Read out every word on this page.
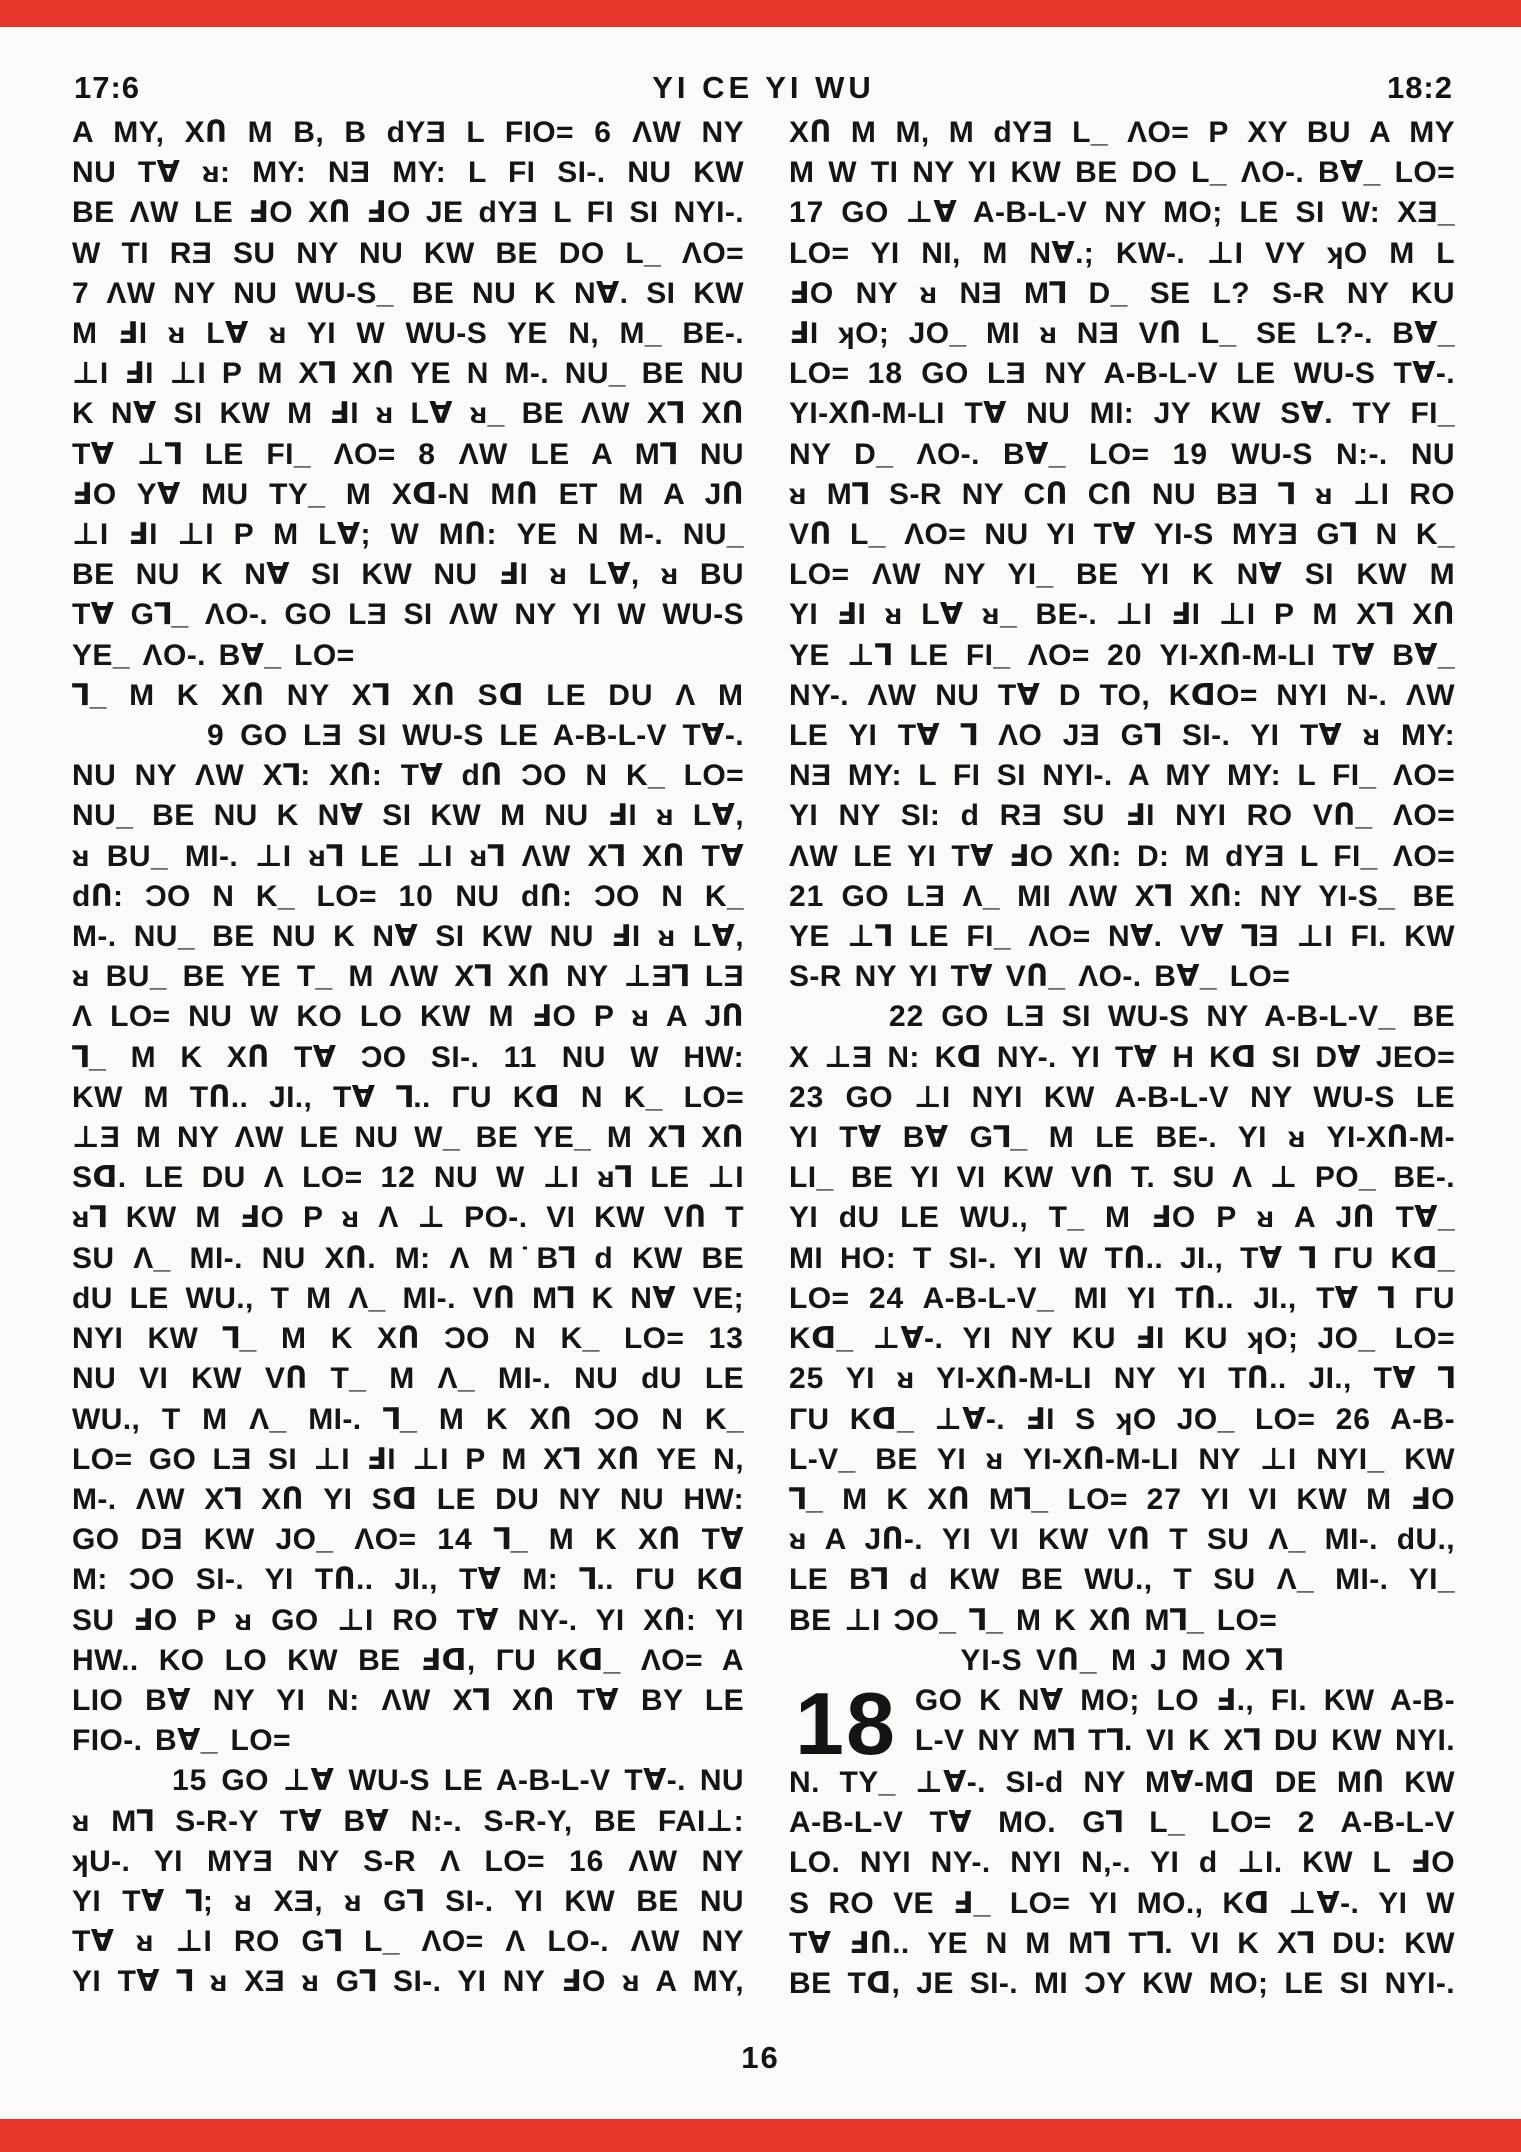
17:6	YI CE YI WU	18:2
A MY, XՈ M B, B dYƎ L FIO= 6 ΛW NY
NU T∀ ᴚ: MY: NƎ MY: L FI SI-. NU KW
BE ΛW LE ℲO XՈ ℲO JE dYƎ L FI SI NYI-.
W TI RƎ SU NY NU KW BE DO L_ ΛO=
7 ΛW NY NU WU-S_ BE NU K N∀. SI KW
M ℲI ᴚ L∀ ᴚ YI W WU-S YE N, M_ BE-.
⊥I ℲI ⊥I P M X⅂ XՈ YE N M-. NU_ BE NU
K N∀ SI KW M ℲI ᴚ L∀ ᴚ_ BE ΛW X⅂ XՈ
T∀ ⊥⅂ LE FI_ ΛO= 8 ΛW LE A M⅂ NU
ℲO Y∀ MU TY_ M Xᗡ-N MՈ ET M A JՈ
⊥I ℲI ⊥I P M L∀; W MՈ: YE N M-. NU_
BE NU K N∀ SI KW NU ℲI ᴚ L∀, ᴚ BU
T∀ G⅂_ ΛO-. GO LƎ SI ΛW NY YI W WU-S
YE_ ΛO-. B∀_ LO=
⅂_ M K XՈ NY X⅂ XՈ Sᗡ LE DU Λ M
9 GO LƎ SI WU-S LE A-B-L-V T∀-.
NU NY ΛW X⅂: XՈ: T∀ dՈ ƆO N K_ LO=
NU_ BE NU K N∀ SI KW M NU ℲI ᴚ L∀,
ᴚ BU_ MI-. ⊥I ᴚ⅂ LE ⊥I ᴚ⅂ ΛW X⅂ XՈ T∀
dՈ: ƆO N K_ LO= 10 NU dՈ: ƆO N K_
M-. NU_ BE NU K N∀ SI KW NU ℲI ᴚ L∀,
ᴚ BU_ BE YE T_ M ΛW X⅂ XՈ NY ⊥Ǝ⅂ LƎ
Λ LO= NU W KO LO KW M ℲO P ᴚ A JՈ
⅂_ M K XՈ T∀ ƆO SI-. 11 NU W HW:
KW M TՈ.. JI., T∀ ⅂.. ΓU Kᗡ N K_ LO=
⊥Ǝ M NY ΛW LE NU W_ BE YE_ M X⅂ XՈ
Sᗡ. LE DU Λ LO= 12 NU W ⊥I ᴚ⅂ LE ⊥I
ᴚ⅂ KW M ℲO P ᴚ Λ ⊥ PO-. VI KW VՈ T
SU Λ_ MI-. NU XՈ. M: Λ M˙B⅂ d KW BE
dU LE WU., T M Λ_ MI-. VՈ M⅂ K N∀ VE;
NYI KW ⅂_ M K XՈ ƆO N K_ LO= 13
NU VI KW VՈ T_ M Λ_ MI-. NU dU LE
WU., T M Λ_ MI-. ⅂_ M K XՈ ƆO N K_
LO= GO LƎ SI ⊥I ℲI ⊥I P M X⅂ XՈ YE N,
M-. ΛW X⅂ XՈ YI Sᗡ LE DU NY NU HW:
GO DƎ KW JO_ ΛO= 14 ⅂_ M K XՈ T∀
M: ƆO SI-. YI TՈ.. JI., T∀ M: ⅂.. ΓU Kᗡ
SU ℲO P ᴚ GO ⊥I RO T∀ NY-. YI XՈ: YI
HW.. KO LO KW BE Ⅎᗡ, ΓU Kᗡ_ ΛO= A
LIO B∀ NY YI N: ΛW X⅂ XՈ T∀ BY LE
FIO-. B∀_ LO=
15 GO ⊥∀ WU-S LE A-B-L-V T∀-. NU
ᴚ M⅂ S-R-Y T∀ B∀ N:-. S-R-Y, BE FAI⊥:
ʞU-. YI MYƎ NY S-R Λ LO= 16 ΛW NY
YI T∀ ⅂; ᴚ XƎ, ᴚ G⅂ SI-. YI KW BE NU
T∀ ᴚ ⊥I RO G⅂ L_ ΛO= Λ LO-. ΛW NY
YI T∀ ⅂ ᴚ XƎ ᴚ G⅂ SI-. YI NY ℲO ᴚ A MY,
XՈ M M, M dYƎ L_ ΛO= P XY BU A MY
M W TI NY YI KW BE DO L_ ΛO-. B∀_ LO=
17 GO ⊥∀ A-B-L-V NY MO; LE SI W: XƎ_
LO= YI NI, M N∀.; KW-. ⊥I VY ʞO M L
ℲO NY ᴚ NƎ M⅂ D_ SE L? S-R NY KU
ℲI ʞO; JO_ MI ᴚ NƎ VՈ L_ SE L?-. B∀_
LO= 18 GO LƎ NY A-B-L-V LE WU-S T∀-.
YI-XՈ-M-LI T∀ NU MI: JY KW S∀. TY FI_
NY D_ ΛO-. B∀_ LO= 19 WU-S N:-. NU
ᴚ M⅂ S-R NY CՈ CՈ NU BƎ ⅂ ᴚ ⊥I RO
VՈ L_ ΛO= NU YI T∀ YI-S MYƎ G⅂ N K_
LO= ΛW NY YI_ BE YI K N∀ SI KW M
YI ℲI ᴚ L∀ ᴚ_ BE-. ⊥I ℲI ⊥I P M X⅂ XՈ
YE ⊥⅂ LE FI_ ΛO= 20 YI-XՈ-M-LI T∀ B∀_
NY-. ΛW NU T∀ D TO, KᗡO= NYI N-. ΛW
LE YI T∀ ⅂ ΛO JƎ G⅂ SI-. YI T∀ ᴚ MY:
NƎ MY: L FI SI NYI-. A MY MY: L FI_ ΛO=
YI NY SI: d RƎ SU ℲI NYI RO VՈ_ ΛO=
ΛW LE YI T∀ ℲO XՈ: D: M dYƎ L FI_ ΛO=
21 GO LƎ Λ_ MI ΛW X⅂ XՈ: NY YI-S_ BE
YE ⊥⅂ LE FI_ ΛO= N∀. V∀ ⅂Ǝ ⊥I FI. KW
S-R NY YI T∀ VՈ_ ΛO-. B∀_ LO=
22 GO LƎ SI WU-S NY A-B-L-V_ BE
X ⊥Ǝ N: Kᗡ NY-. YI T∀ H Kᗡ SI D∀ JEO=
23 GO ⊥I NYI KW A-B-L-V NY WU-S LE
YI T∀ B∀ G⅂_ M LE BE-. YI ᴚ YI-XՈ-M-
LI_ BE YI VI KW VՈ T. SU Λ ⊥ PO_ BE-.
YI dU LE WU., T_ M ℲO P ᴚ A JՈ T∀_
MI HO: T SI-. YI W TՈ.. JI., T∀ ⅂ ΓU Kᗡ_
LO= 24 A-B-L-V_ MI YI TՈ.. JI., T∀ ⅂ ΓU
Kᗡ_ ⊥∀-. YI NY KU ℲI KU ʞO; JO_ LO=
25 YI ᴚ YI-XՈ-M-LI NY YI TՈ.. JI., T∀ ⅂
ΓU Kᗡ_ ⊥∀-. ℲI S ʞO JO_ LO= 26 A-B-
L-V_ BE YI ᴚ YI-XՈ-M-LI NY ⊥I NYI_ KW
⅂_ M K XՈ M⅂_ LO= 27 YI VI KW M ℲO
ᴚ A JՈ-. YI VI KW VՈ T SU Λ_ MI-. dU.,
LE B⅂ d KW BE WU., T SU Λ_ MI-. YI_
BE ⊥I ƆO_ ⅂_ M K XՈ M⅂_ LO=
YI-S VՈ_ M J MO X⅂
18 GO K N∀ MO; LO Ⅎ., FI. KW A-B-
L-V NY M⅂ T⅂. VI K X⅂ DU KW NYI.
N. TY_ ⊥∀-. SI-d NY M∀-Mᗡ DE MՈ KW
A-B-L-V T∀ MO. G⅂ L_ LO= 2 A-B-L-V
LO. NYI NY-. NYI N,-. YI d ⊥I. KW L ℲO
S RO VE Ⅎ_ LO= YI MO., Kᗡ ⊥∀-. YI W
T∀ ℲՈ.. YE N M M⅂ T⅂. VI K X⅂ DU: KW
BE Tᗡ, JE SI-. MI ƆY KW MO; LE SI NYI-.
16
